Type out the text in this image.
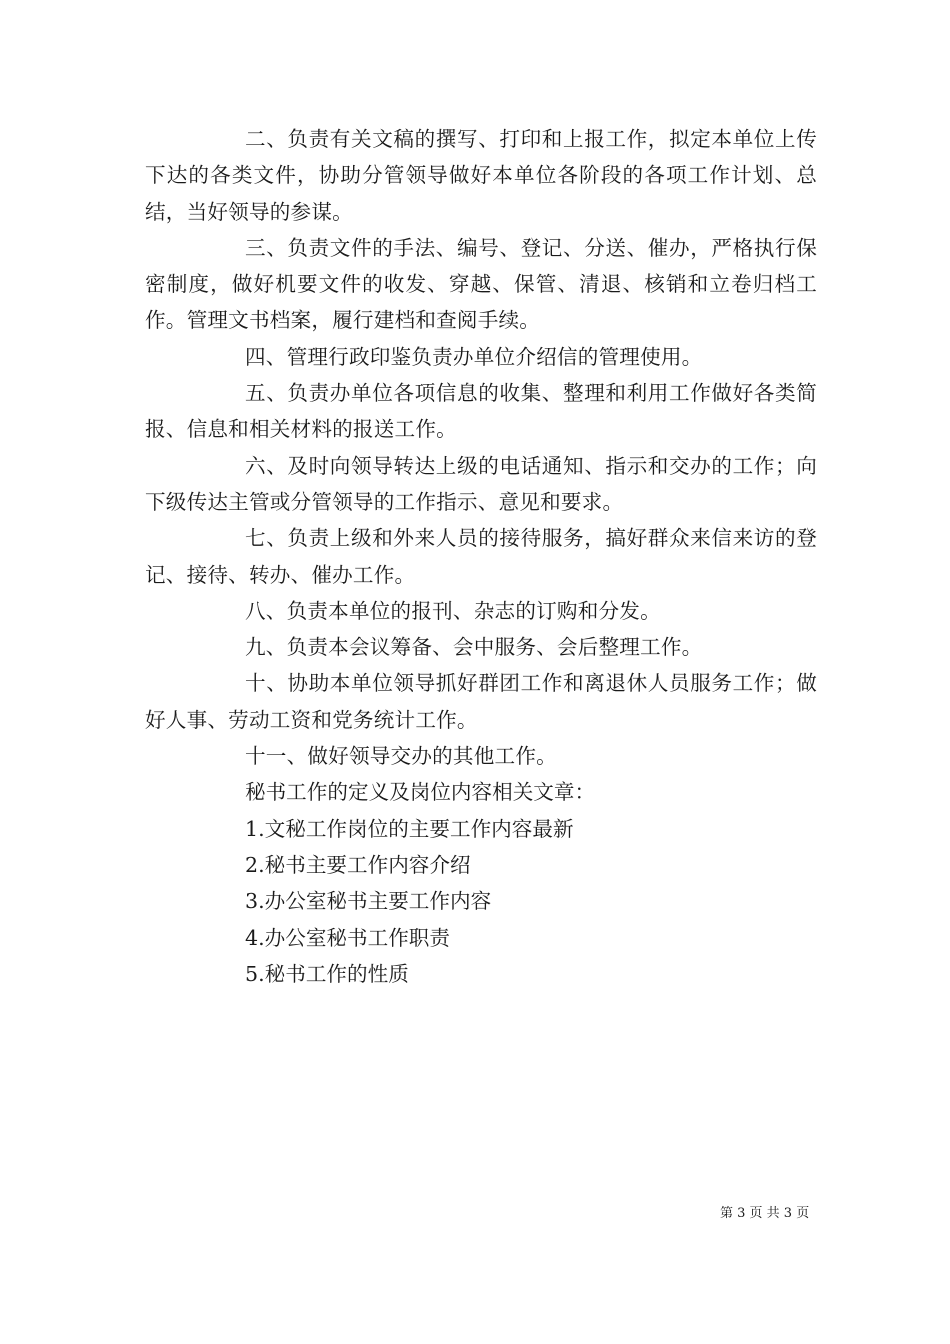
二、负责有关文稿的撰写、打印和上报工作，拟定本单位上传下达的各类文件，协助分管领导做好本单位各阶段的各项工作计划、总结，当好领导的参谋。

三、负责文件的手法、编号、登记、分送、催办，严格执行保密制度，做好机要文件的收发、穿越、保管、清退、核销和立卷归档工作。管理文书档案，履行建档和查阅手续。

四、管理行政印鉴负责办单位介绍信的管理使用。

五、负责办单位各项信息的收集、整理和利用工作做好各类简报、信息和相关材料的报送工作。

六、及时向领导转达上级的电话通知、指示和交办的工作；向下级传达主管或分管领导的工作指示、意见和要求。

七、负责上级和外来人员的接待服务，搞好群众来信来访的登记、接待、转办、催办工作。

八、负责本单位的报刊、杂志的订购和分发。

九、负责本会议筹备、会中服务、会后整理工作。

十、协助本单位领导抓好群团工作和离退休人员服务工作；做好人事、劳动工资和党务统计工作。

十一、做好领导交办的其他工作。

秘书工作的定义及岗位内容相关文章：

1.文秘工作岗位的主要工作内容最新

2.秘书主要工作内容介绍

3.办公室秘书主要工作内容

4.办公室秘书工作职责

5.秘书工作的性质

第 3 页 共 3 页
